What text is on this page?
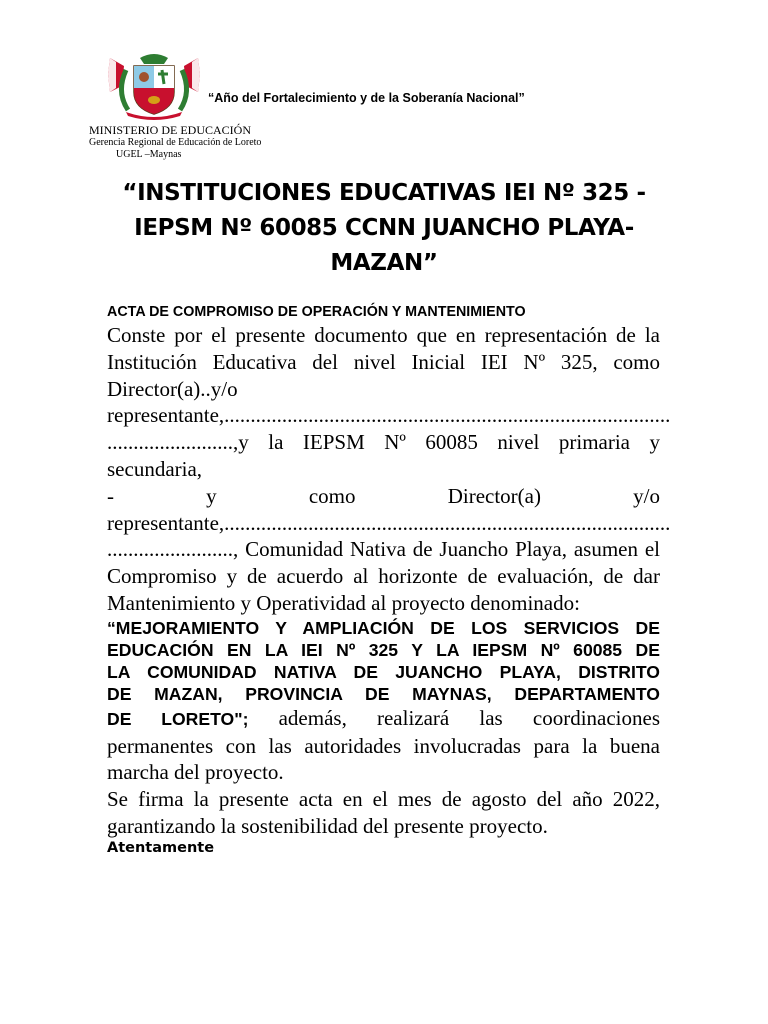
“Año del Fortalecimiento y de la Soberanía Nacional”
MINISTERIO DE EDUCACIÓN
Gerencia Regional de Educación de Loreto
UGEL –Maynas
“INSTITUCIONES EDUCATIVAS IEI Nº 325 -
IEPSM Nº 60085 CCNN JUANCHO PLAYA-
MAZAN”
ACTA DE COMPROMISO DE OPERACIÓN Y MANTENIMIENTO
Conste por el presente documento que en representación de la
Institución Educativa del nivel Inicial IEI Nº 325, como
Director(a)..y/o
representante,.....................................................................................
........................,y la IEPSM Nº 60085 nivel primaria y secundaria,
- y como Director(a) y/o
representante,.....................................................................................
........................, Comunidad Nativa de Juancho Playa, asumen el
Compromiso y de acuerdo al horizonte de evaluación, de dar
Mantenimiento y Operatividad al proyecto denominado:
“MEJORAMIENTO Y AMPLIACIÓN DE LOS SERVICIOS DE
EDUCACIÓN EN LA IEI Nº 325 Y LA IEPSM Nº 60085 DE
LA COMUNIDAD NATIVA DE JUANCHO PLAYA, DISTRITO
DE MAZAN, PROVINCIA DE MAYNAS, DEPARTAMENTO
DE LORETO"; además, realizará las coordinaciones
permanentes con las autoridades involucradas para la buena
marcha del proyecto.
Se firma la presente acta en el mes de agosto del año 2022,
garantizando la sostenibilidad del presente proyecto.
Atentamente
